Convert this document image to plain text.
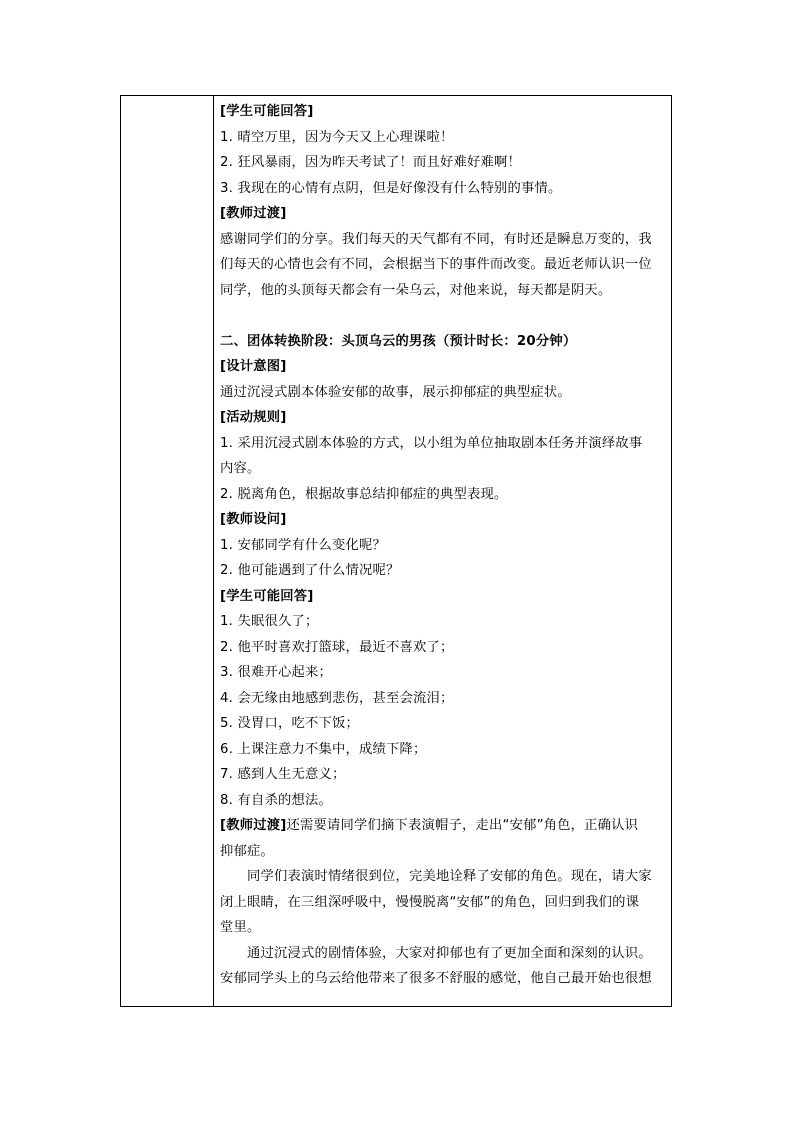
[学生可能回答]
1. 晴空万里，因为今天又上心理课啦！
2. 狂风暴雨，因为昨天考试了！而且好难好难啊！
3. 我现在的心情有点阴，但是好像没有什么特别的事情。
[教师过渡]
感谢同学们的分享。我们每天的天气都有不同，有时还是瞬息万变的，我
们每天的心情也会有不同，会根据当下的事件而改变。最近老师认识一位
同学，他的头顶每天都会有一朵乌云，对他来说，每天都是阴天。
二、团体转换阶段：头顶乌云的男孩（预计时长：20分钟）
[设计意图]
通过沉浸式剧本体验安郁的故事，展示抑郁症的典型症状。
[活动规则]
1. 采用沉浸式剧本体验的方式，以小组为单位抽取剧本任务并演绎故事
内容。
2. 脱离角色，根据故事总结抑郁症的典型表现。
[教师设问]
1. 安郁同学有什么变化呢？
2. 他可能遇到了什么情况呢？
[学生可能回答]
1. 失眠很久了；
2. 他平时喜欢打篮球，最近不喜欢了；
3. 很难开心起来；
4. 会无缘由地感到悲伤，甚至会流泪；
5. 没胃口，吃不下饭；
6. 上课注意力不集中，成绩下降；
7. 感到人生无意义；
8. 有自杀的想法。
[教师过渡]还需要请同学们摘下表演帽子，走出“安郁”角色，正确认识
抑郁症。
同学们表演时情绪很到位，完美地诠释了安郁的角色。现在，请大家
闭上眼睛，在三组深呼吸中，慢慢脱离“安郁”的角色，回归到我们的课
堂里。
通过沉浸式的剧情体验，大家对抑郁也有了更加全面和深刻的认识。
安郁同学头上的乌云给他带来了很多不舒服的感觉，他自己最开始也很想
